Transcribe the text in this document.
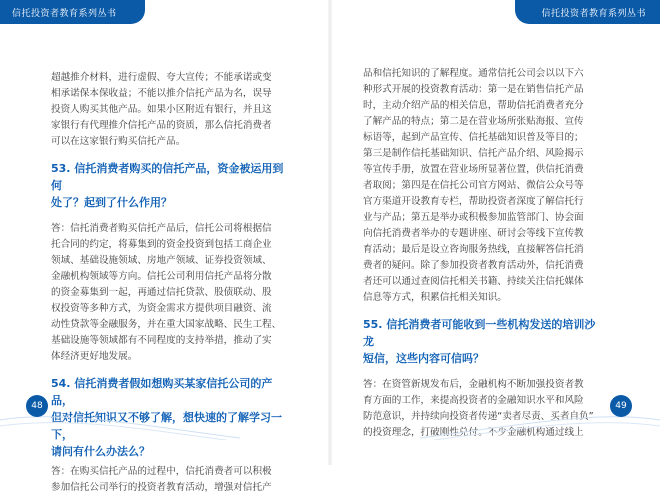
信托投资者教育系列丛书	信托投资者教育系列丛书

超越推介材料，进行虚假、夸大宣传；不能承诺或变

相承诺保本保收益；不能以推介信托产品为名，误导

投资人购买其他产品。如果小区附近有银行，并且这

家银行有代理推介信托产品的资质，那么信托消费者

可以在这家银行购买信托产品。

53. 信托消费者购买的信托产品，资金被运用到何
处了？起到了什么作用？

答：信托消费者购买信托产品后，信托公司将根据信

托合同的约定，将募集到的资金投资到包括工商企业

领域、基础设施领域、房地产领域、证券投资领域、

金融机构领域等方向。信托公司利用信托产品将分散

的资金募集到一起，再通过信托贷款、股债联动、股

权投资等多种方式，为资金需求方提供项目融资、流

动性贷款等金融服务，并在重大国家战略、民生工程、

基础设施等领域都有不同程度的支持举措，推动了实

体经济更好地发展。

54. 信托消费者假如想购买某家信托公司的产品，
但对信托知识又不够了解，想快速的了解学习一下，
请问有什么办法么？

答：在购买信托产品的过程中，信托消费者可以积极

参加信托公司举行的投资者教育活动，增强对信托产

品和信托知识的了解程度。通常信托公司会以以下六

种形式开展的投资教育活动：第一是在销售信托产品

时，主动介绍产品的相关信息，帮助信托消费者充分

了解产品的特点；第二是在营业场所张贴海报、宣传

标语等，起到产品宣传、信托基础知识普及等目的；

第三是制作信托基础知识、信托产品介绍、风险揭示

等宣传手册，放置在营业场所显著位置，供信托消费

者取阅；第四是在信托公司官方网站、微信公众号等

官方渠道开设教育专栏，帮助投资者深度了解信托行

业与产品；第五是举办或积极参加监管部门、协会面

向信托消费者举办的专题讲座、研讨会等线下宣传教

育活动；最后是设立咨询服务热线，直接解答信托消

费者的疑问。除了参加投资者教育活动外，信托消费

者还可以通过查阅信托相关书籍、持续关注信托媒体

信息等方式，积累信托相关知识。

55. 信托消费者可能收到一些机构发送的培训沙龙
短信，这些内容可信吗？

答：在资管新规发布后，金融机构不断加强投资者教

育方面的工作，来提高投资者的金融知识水平和风险

防范意识，并持续向投资者传递“卖者尽责、买者自负”

的投资理念，打破刚性兑付。不少金融机构通过线上

48	49
